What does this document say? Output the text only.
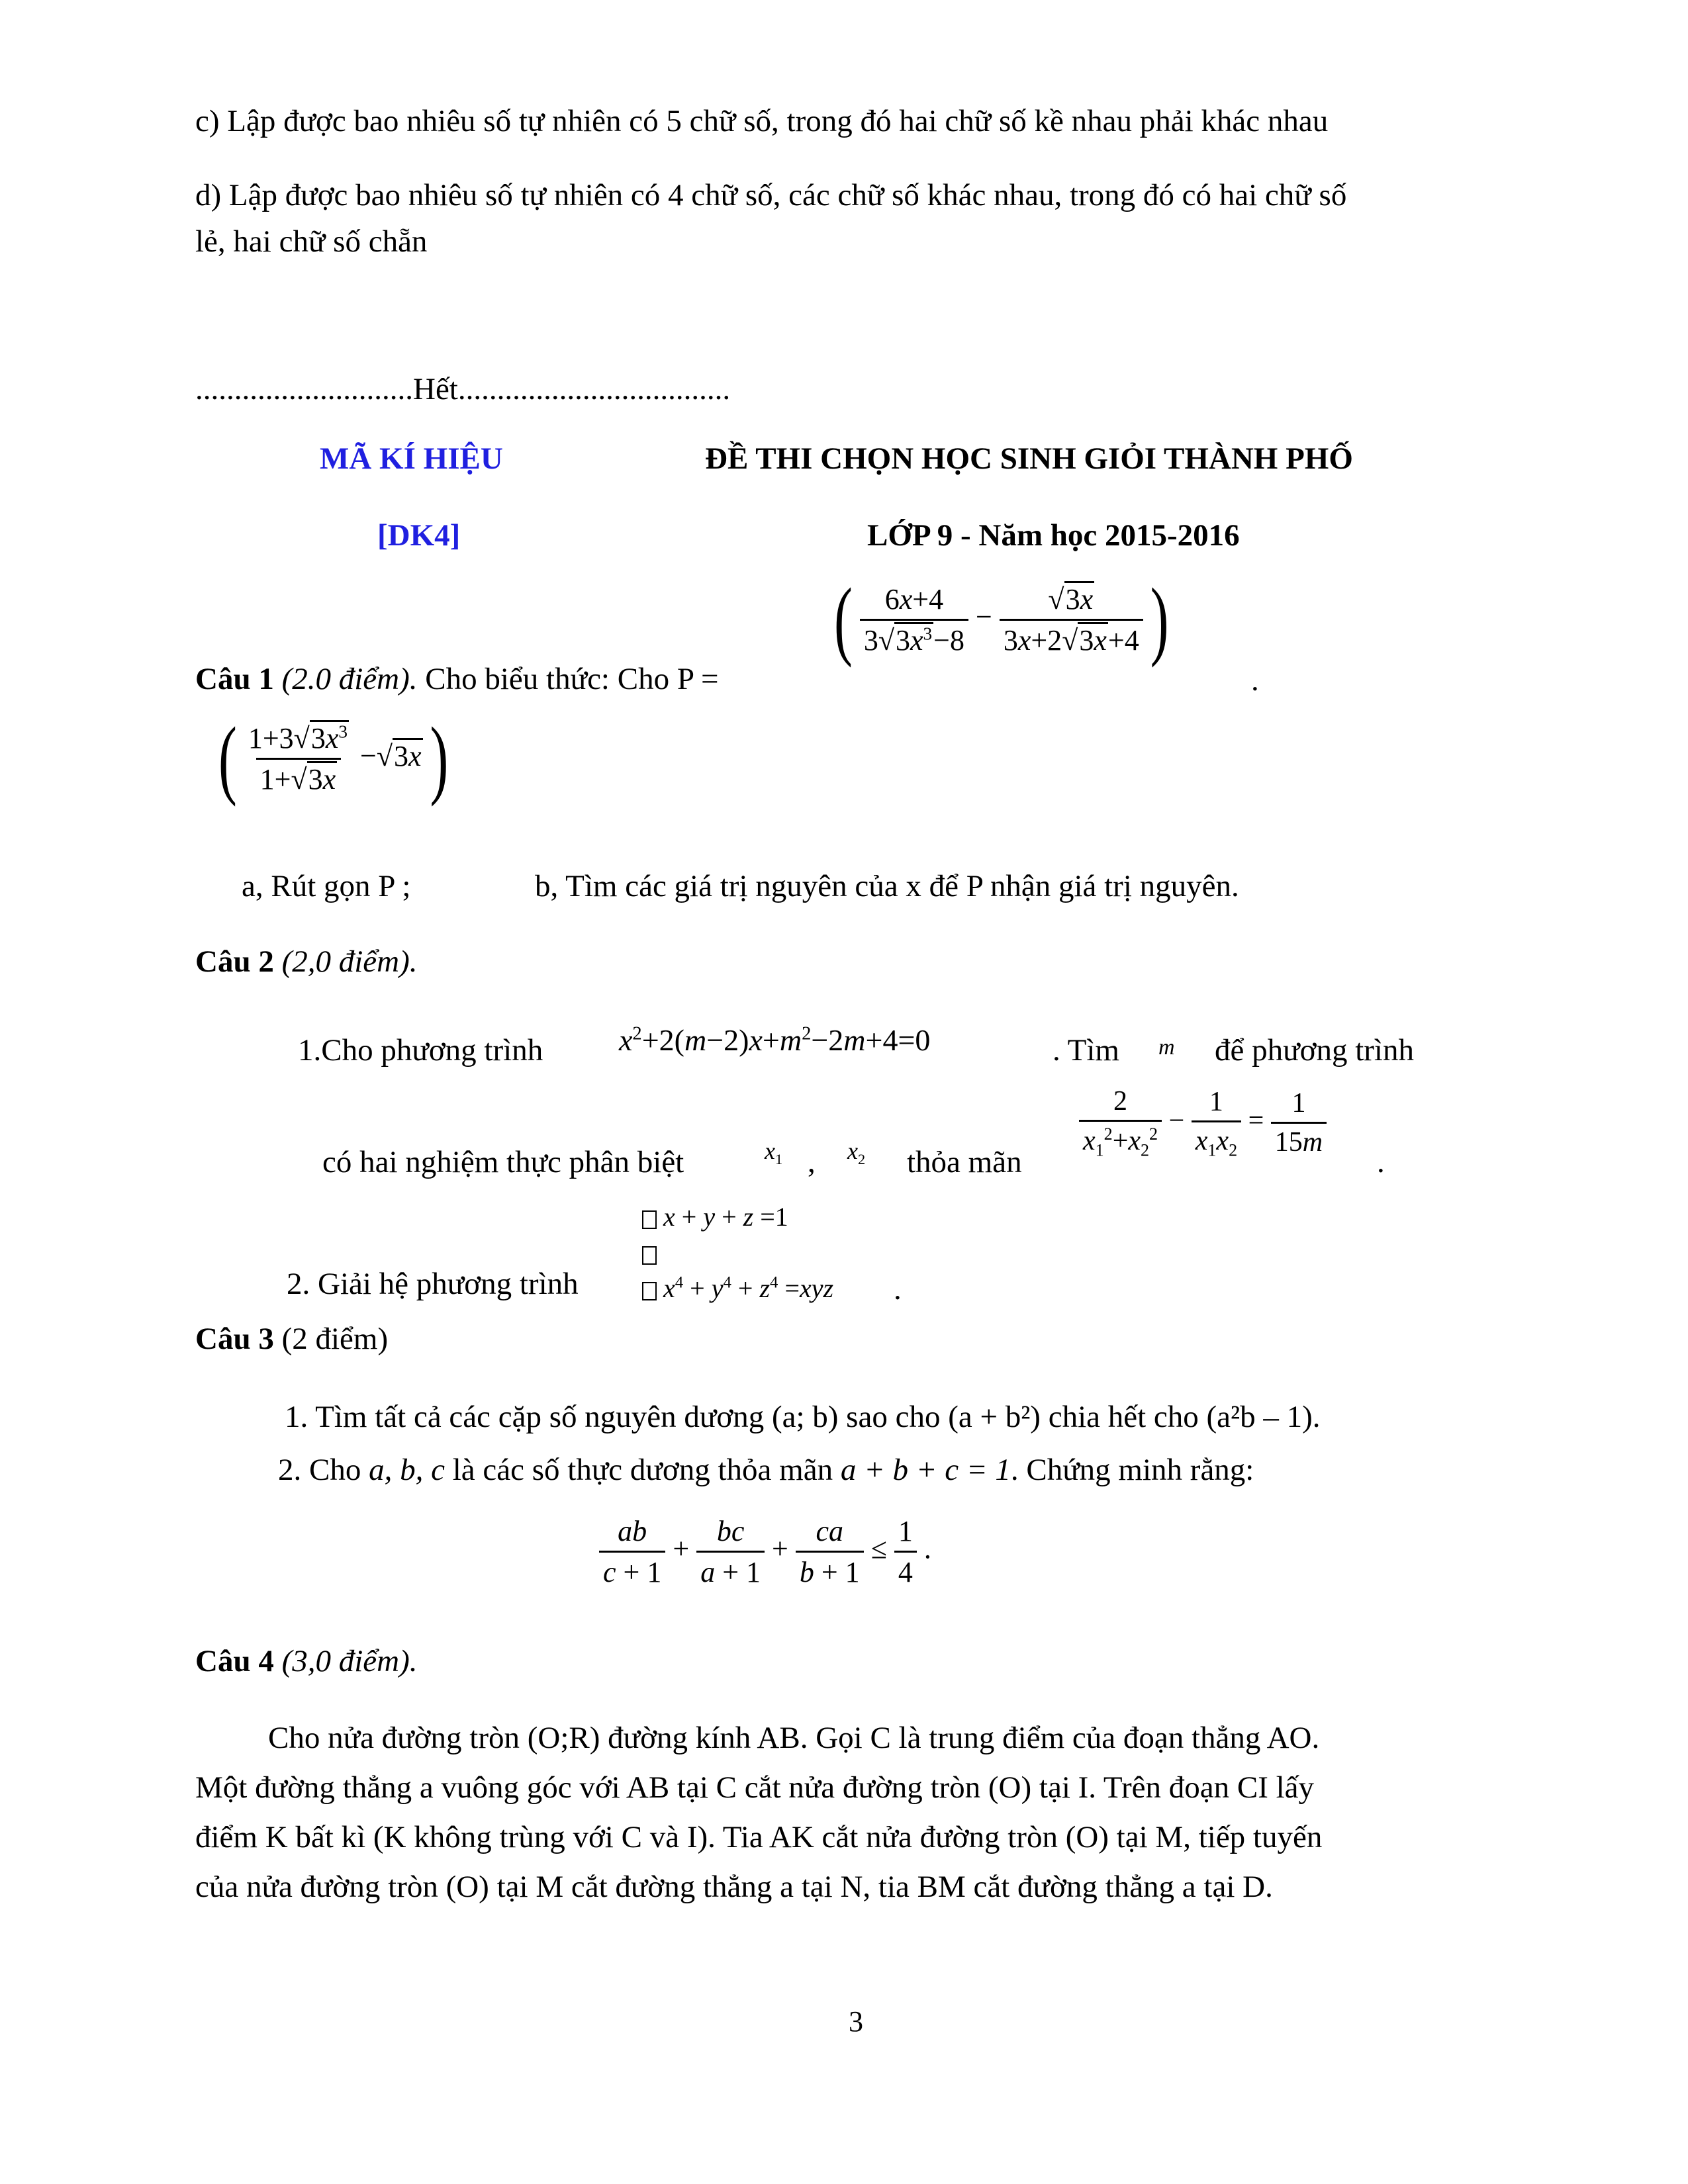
c) Lập được bao nhiêu số tự nhiên có 5 chữ số, trong đó hai chữ số kề nhau phải khác nhau
d) Lập được bao nhiêu số tự nhiên có 4 chữ số, các chữ số khác nhau, trong đó có hai chữ số
lẻ, hai chữ số chẵn
............................Hết...................................
MÃ KÍ HIỆU	ĐỀ THI CHỌN HỌC SINH GIỎI THÀNH PHỐ
[DK4]	LỚP 9 - Năm học 2015-2016
Câu 1 (2.0 điểm). Cho biểu thức: Cho P =
( $\frac{6x+4}{3√3x^3-8} - \frac{√3x}{3x+2√3x+4}$ )
.
( $\frac{1+3√3x^3}{1+√3x} -√3x$ )
a, Rút gọn P ;	b, Tìm các giá trị nguyên của x để P nhận giá trị nguyên.
Câu 2 (2,0 điểm).
1.Cho phương trình $x^2+2(m-2)x+m^2-2m+4=0$	. Tìm m để phương trình
có hai nghiệm thực phân biệt	$x_1$ , $x_2$ thỏa mãn
$\frac{2}{x_1^2+x_2^2} - \frac{1}{x_1x_2} = \frac{1}{15m}$
.
2. Giải hệ phương trình
x + y + z =1
$x^4 + y^4 + z^4 =xyz$ .
Câu 3 (2 điểm)
1. Tìm tất cả các cặp số nguyên dương (a; b) sao cho (a + b²) chia hết cho (a²b – 1).
2. Cho a, b, c là các số thực dương thỏa mãn a + b + c = 1. Chứng minh rằng:
$\frac{ab}{c + 1} + \frac{bc}{a + 1} + \frac{ca}{b + 1} \le \frac{1}{4}$ .
Câu 4 (3,0 điểm).
Cho nửa đường tròn (O;R) đường kính AB. Gọi C là trung điểm của đoạn thẳng AO.
Một đường thẳng a vuông góc với AB tại C cắt nửa đường tròn (O) tại I. Trên đoạn CI lấy
điểm K bất kì (K không trùng với C và I). Tia AK cắt nửa đường tròn (O) tại M, tiếp tuyến
của nửa đường tròn (O) tại M cắt đường thẳng a tại N, tia BM cắt đường thẳng a tại D.
3
